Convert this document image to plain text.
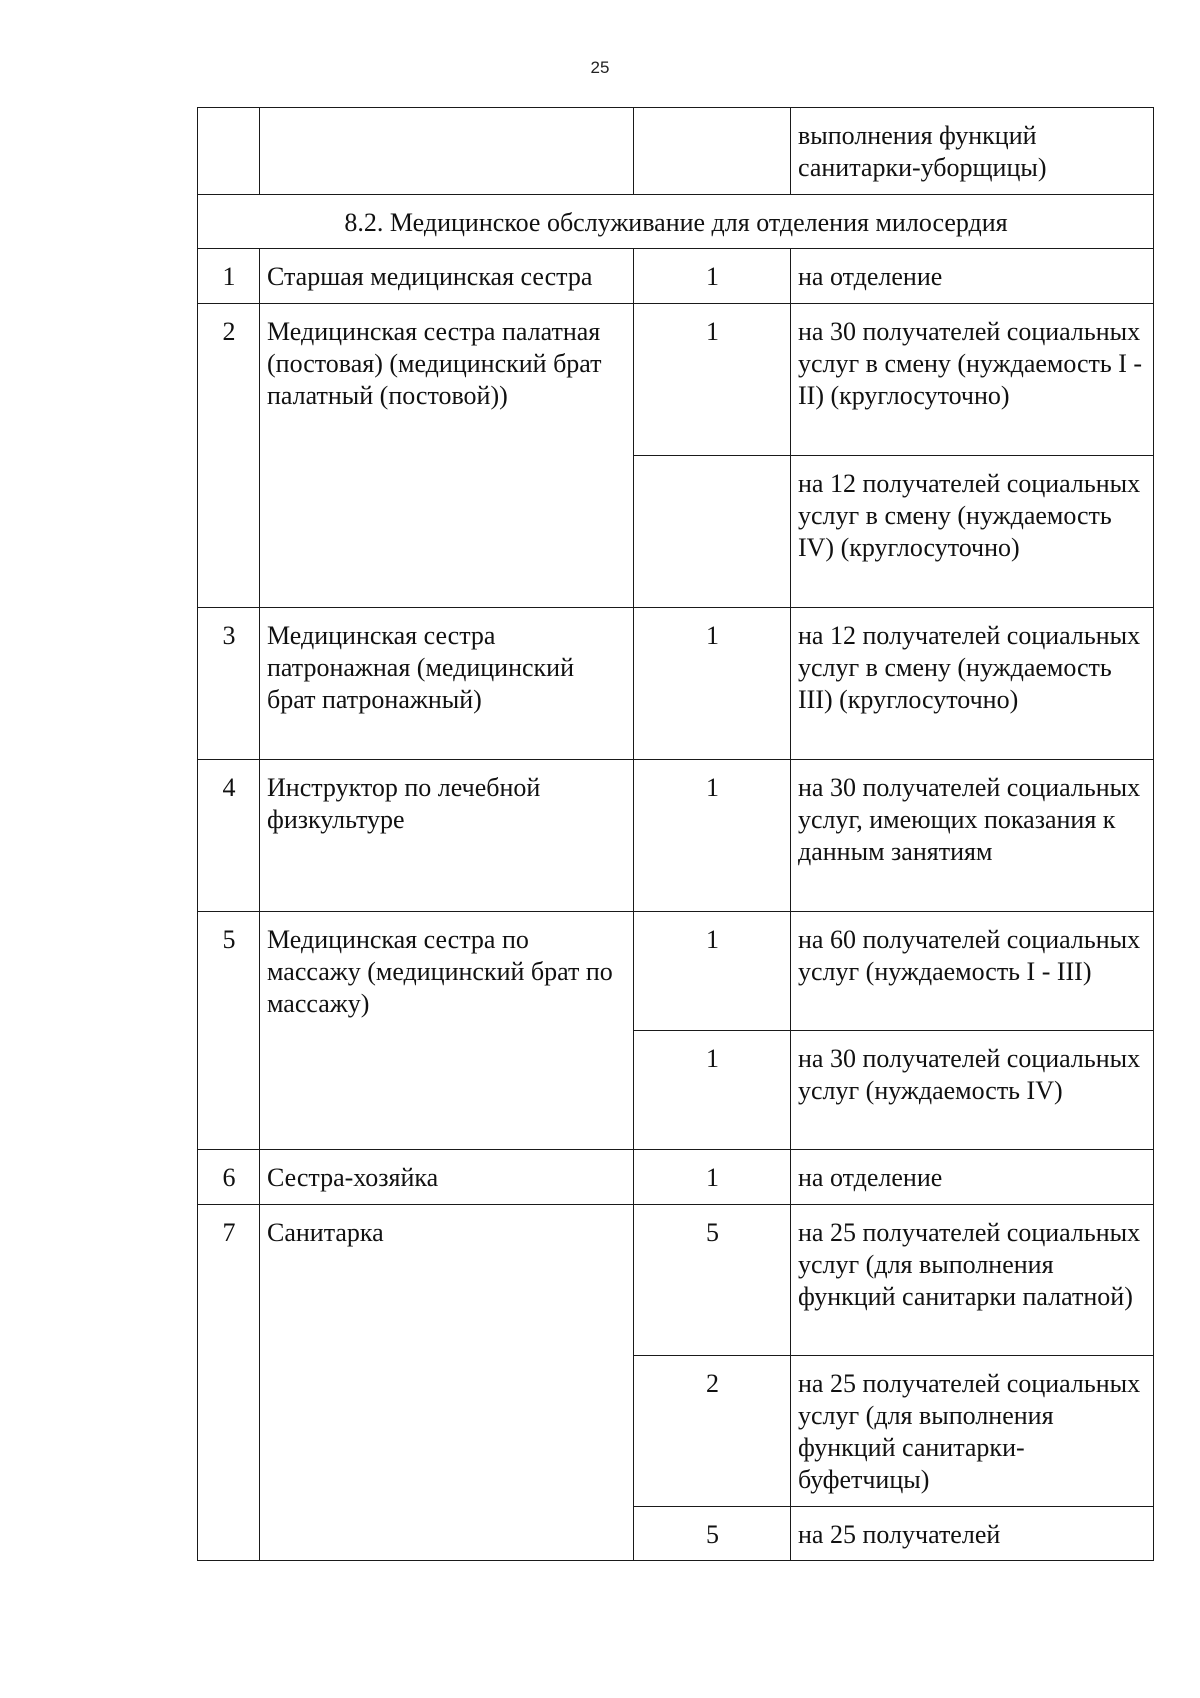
25
			выполнения функций санитарки-уборщицы)
8.2. Медицинское обслуживание для отделения милосердия			
1	Старшая медицинская сестра	1	на отделение
2	Медицинская сестра палатная (постовая) (медицинский брат палатный (постовой))	1	на 30 получателей социальных услуг в смену (нуждаемость I - II) (круглосуточно)
			на 12 получателей социальных услуг в смену (нуждаемость IV) (круглосуточно)
3	Медицинская сестра патронажная (медицинский брат патронажный)	1	на 12 получателей социальных услуг в смену (нуждаемость III) (круглосуточно)
4	Инструктор по лечебной физкультуре	1	на 30 получателей социальных услуг, имеющих показания к данным занятиям
5	Медицинская сестра по массажу (медицинский брат по массажу)	1	на 60 получателей социальных услуг (нуждаемость I - III)
		1	на 30 получателей социальных услуг (нуждаемость IV)
6	Сестра-хозяйка	1	на отделение
7	Санитарка	5	на 25 получателей социальных услуг (для выполнения функций санитарки палатной)
		2	на 25 получателей социальных услуг (для выполнения функций санитарки-буфетчицы)
		5	на 25 получателей
